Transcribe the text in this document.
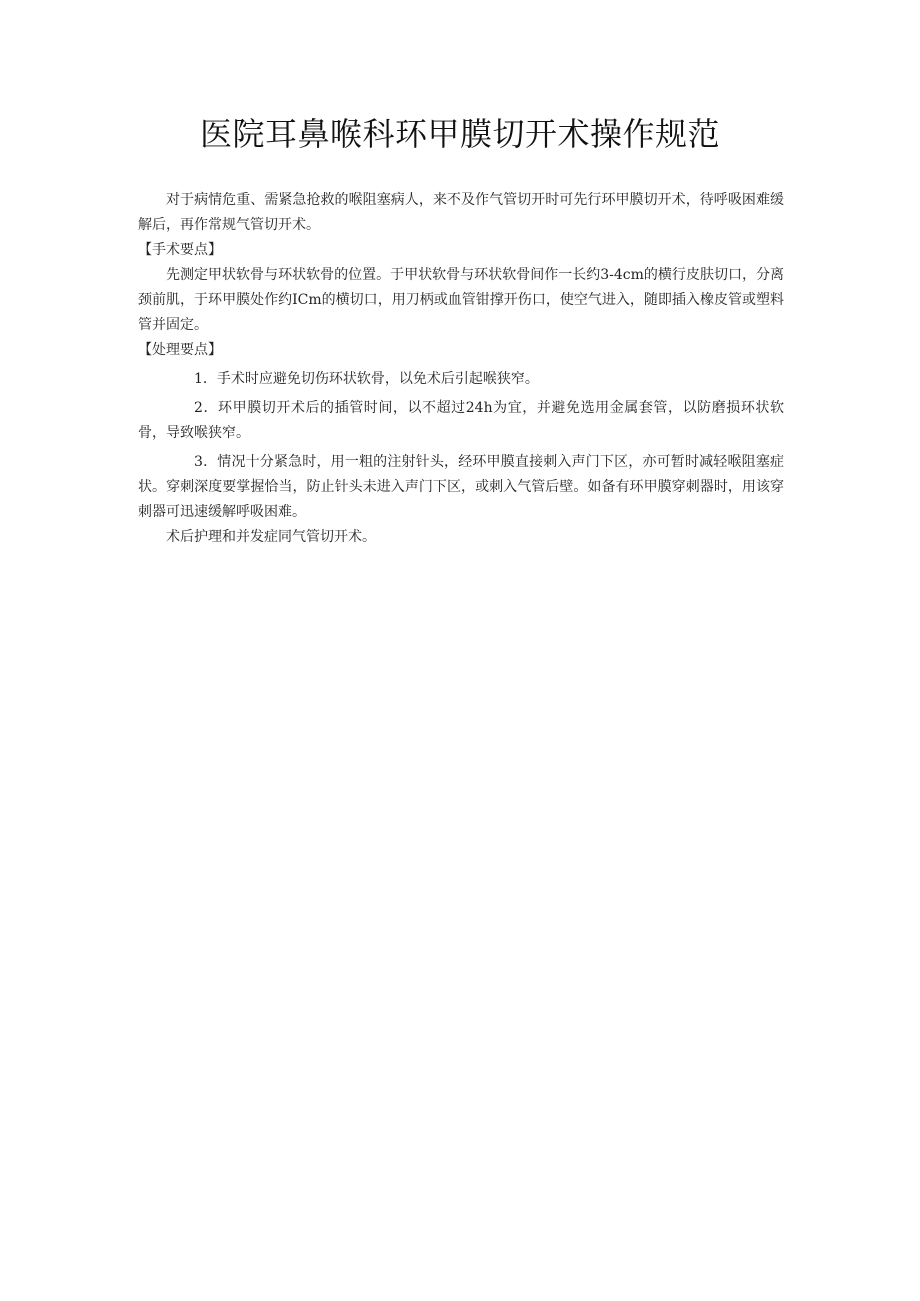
医院耳鼻喉科环甲膜切开术操作规范

对于病情危重、需紧急抢救的喉阻塞病人，来不及作气管切开时可先行环甲膜切开术，待呼吸困难缓解后，再作常规气管切开术。

【手术要点】

先测定甲状软骨与环状软骨的位置。于甲状软骨与环状软骨间作一长约3-4cm的横行皮肤切口，分离颈前肌，于环甲膜处作约ICm的横切口，用刀柄或血管钳撑开伤口，使空气进入，随即插入橡皮管或塑料管并固定。

【处理要点】

1．手术时应避免切伤环状软骨，以免术后引起喉狭窄。

2．环甲膜切开术后的插管时间，以不超过24h为宜，并避免选用金属套管，以防磨损环状软骨，导致喉狭窄。

3．情况十分紧急时，用一粗的注射针头，经环甲膜直接刺入声门下区，亦可暂时减轻喉阻塞症状。穿刺深度要掌握恰当，防止针头未进入声门下区，或刺入气管后壁。如备有环甲膜穿刺器时，用该穿刺器可迅速缓解呼吸困难。

术后护理和并发症同气管切开术。
